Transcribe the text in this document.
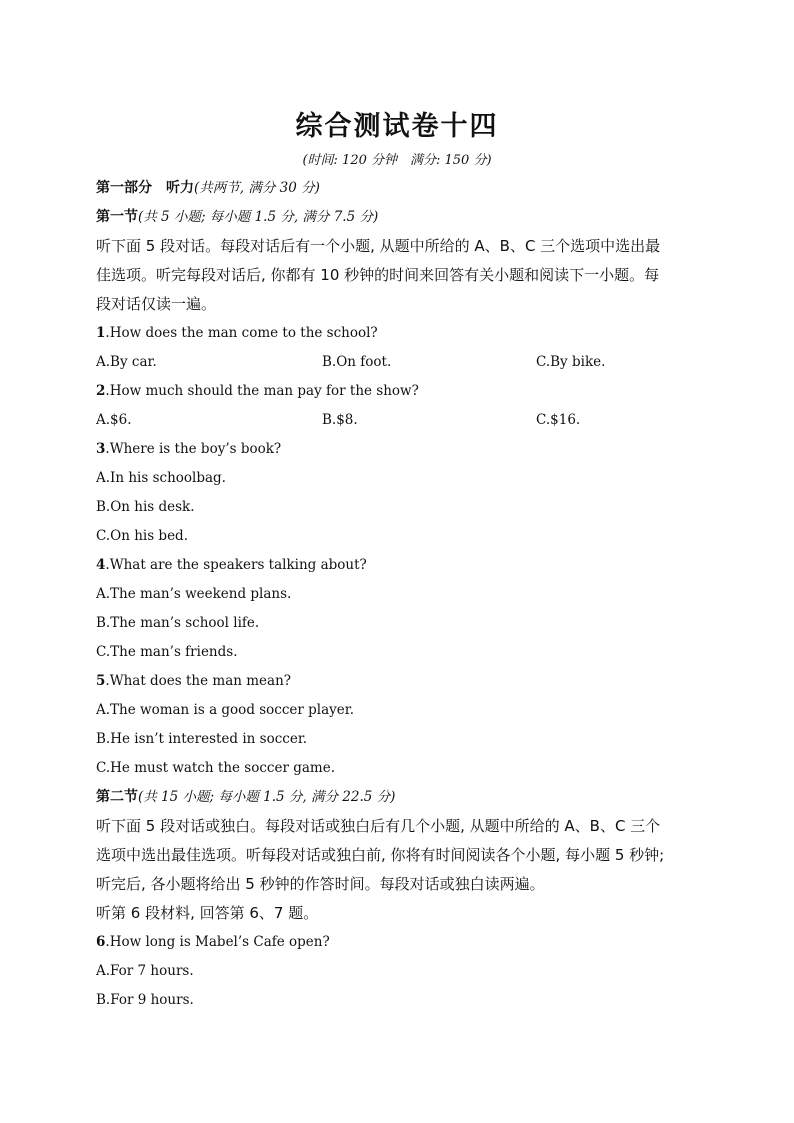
综合测试卷十四
(时间: 120 分钟　满分: 150 分)
第一部分　听力(共两节, 满分 30 分)
第一节(共 5 小题; 每小题 1.5 分, 满分 7.5 分)
听下面 5 段对话。每段对话后有一个小题, 从题中所给的 A、B、C 三个选项中选出最
佳选项。听完每段对话后, 你都有 10 秒钟的时间来回答有关小题和阅读下一小题。每
段对话仅读一遍。
1.How does the man come to the school?
A.By car.	B.On foot.	C.By bike.
2.How much should the man pay for the show?
A.$6.	B.$8.	C.$16.
3.Where is the boy’s book?
A.In his schoolbag.
B.On his desk.
C.On his bed.
4.What are the speakers talking about?
A.The man’s weekend plans.
B.The man’s school life.
C.The man’s friends.
5.What does the man mean?
A.The woman is a good soccer player.
B.He isn’t interested in soccer.
C.He must watch the soccer game.
第二节(共 15 小题; 每小题 1.5 分, 满分 22.5 分)
听下面 5 段对话或独白。每段对话或独白后有几个小题, 从题中所给的 A、B、C 三个
选项中选出最佳选项。听每段对话或独白前, 你将有时间阅读各个小题, 每小题 5 秒钟;
听完后, 各小题将给出 5 秒钟的作答时间。每段对话或独白读两遍。
听第 6 段材料, 回答第 6、7 题。
6.How long is Mabel’s Cafe open?
A.For 7 hours.
B.For 9 hours.
